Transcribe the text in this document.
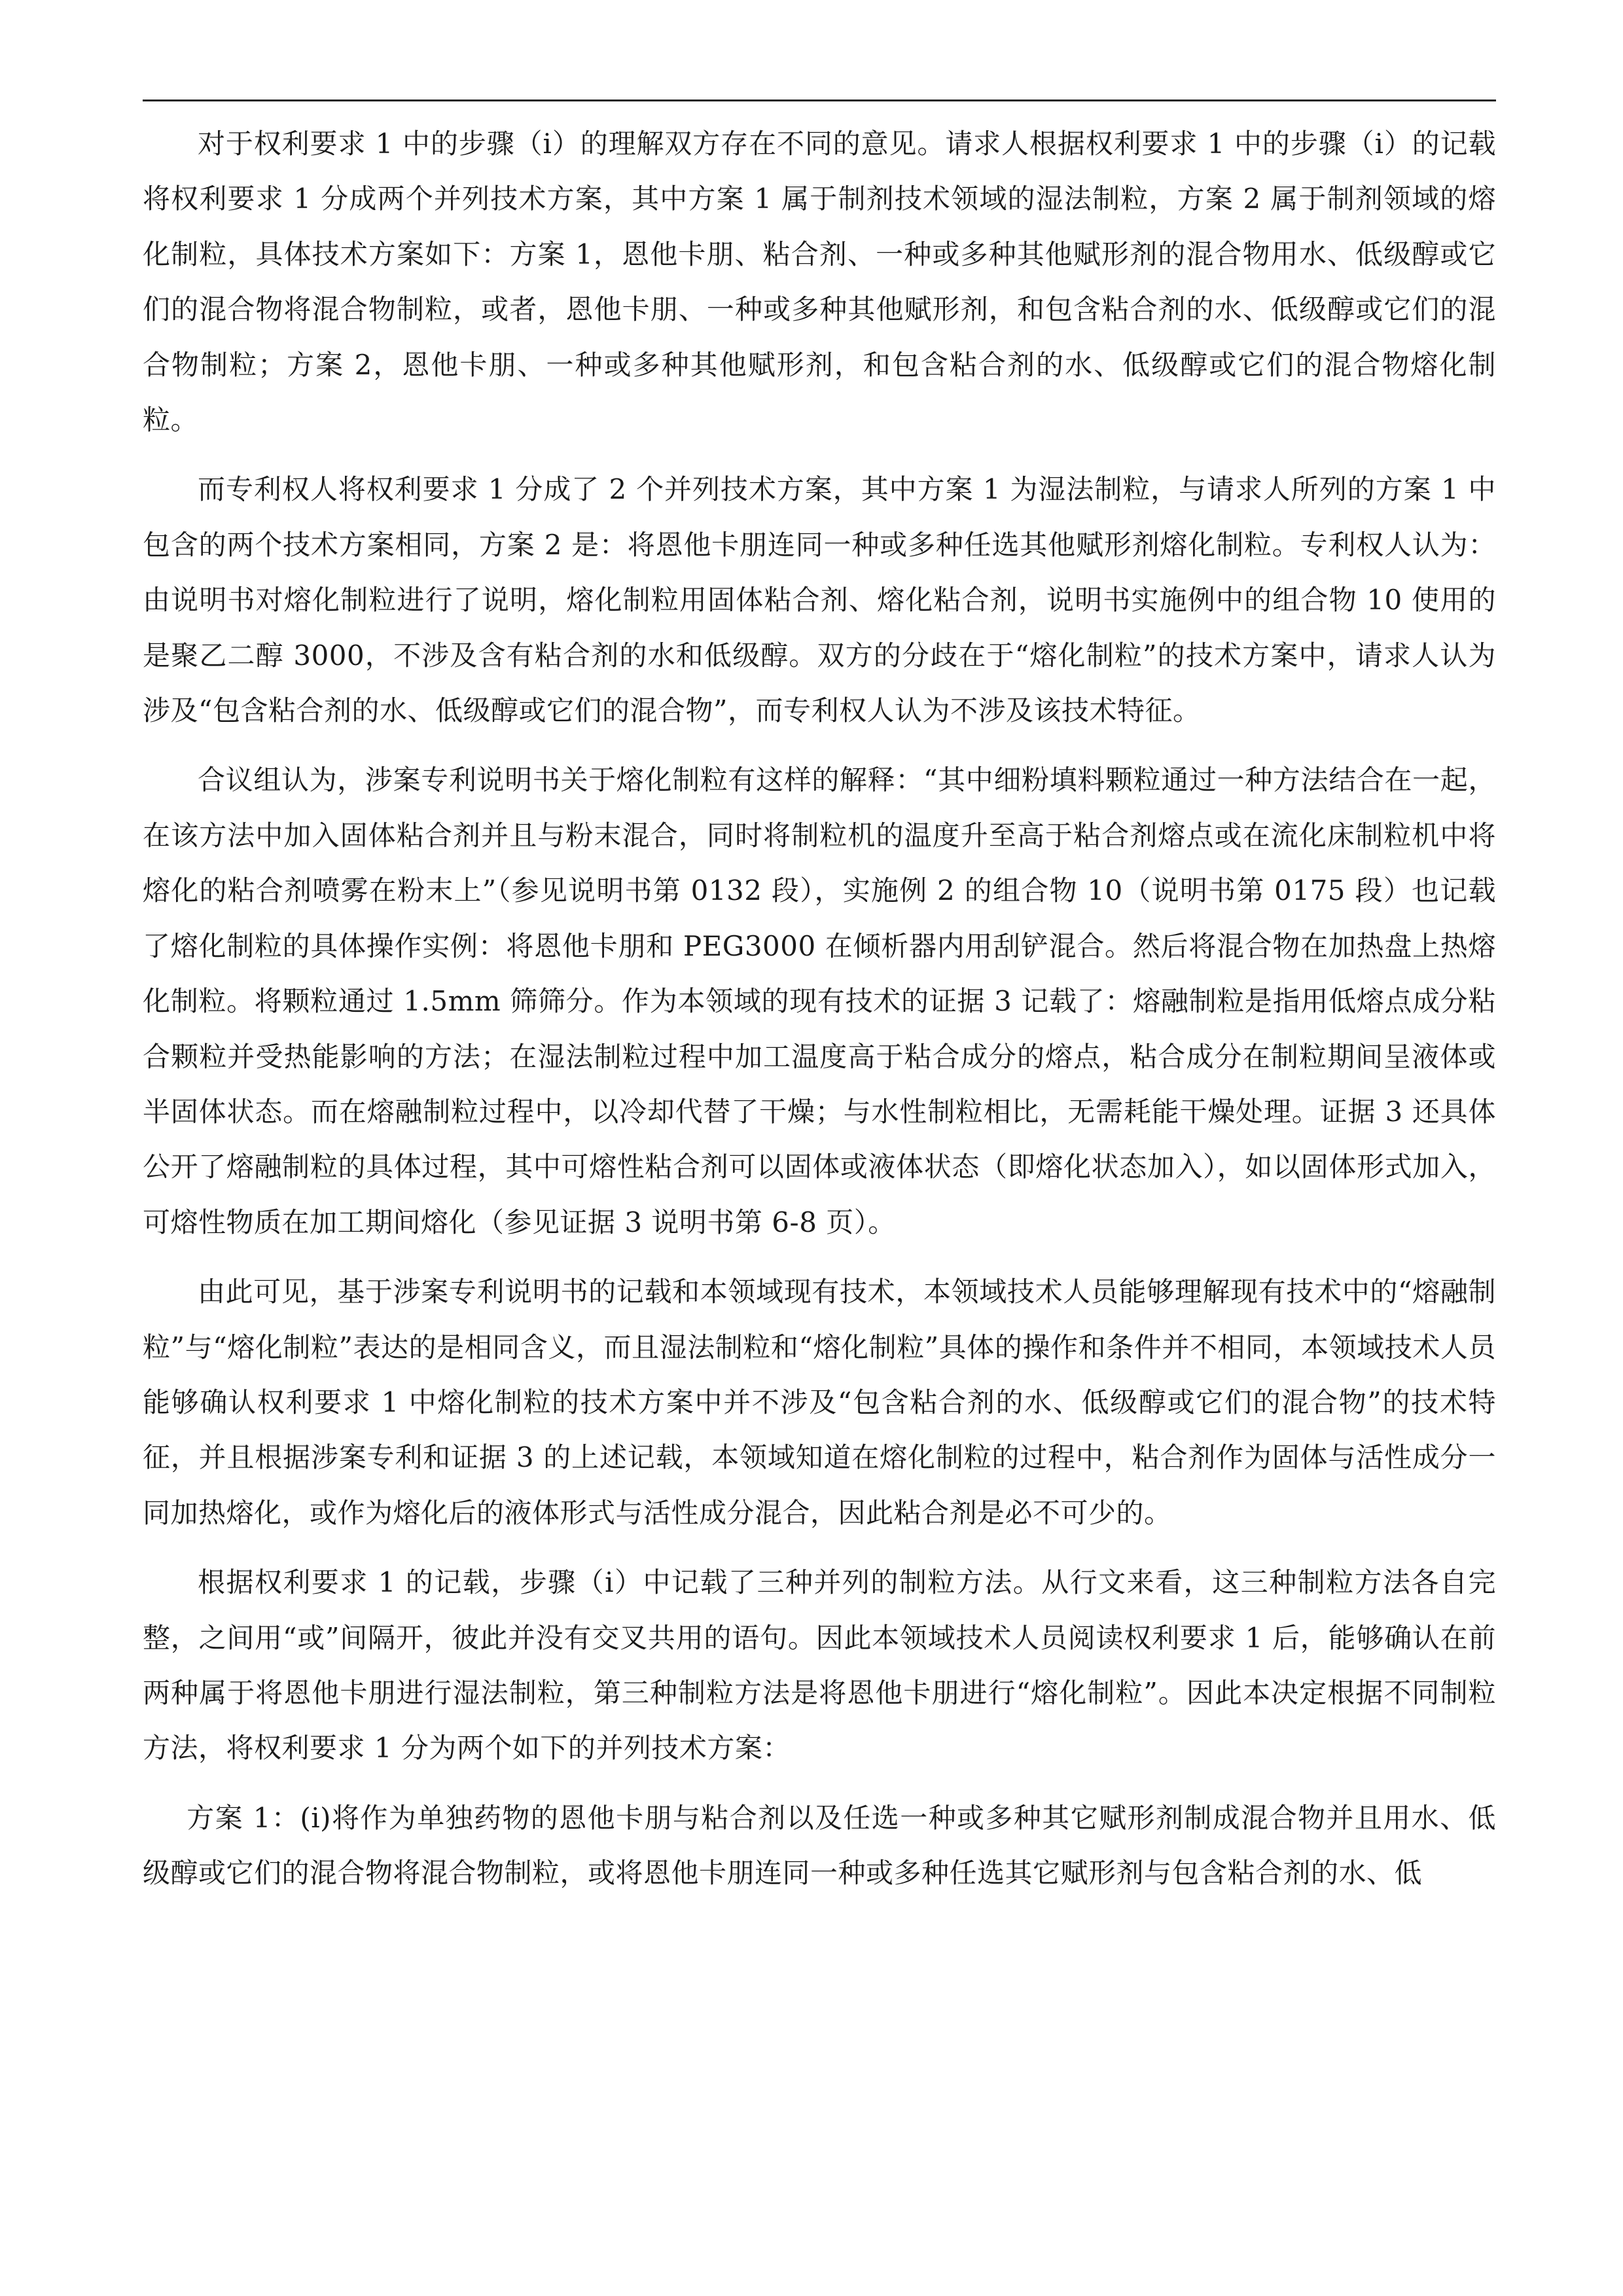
对于权利要求 1 中的步骤（i）的理解双方存在不同的意见。请求人根据权利要求 1 中的步骤（i）的记载将权利要求 1 分成两个并列技术方案，其中方案 1 属于制剂技术领域的湿法制粒，方案 2 属于制剂领域的熔化制粒，具体技术方案如下：方案 1，恩他卡朋、粘合剂、一种或多种其他赋形剂的混合物用水、低级醇或它们的混合物将混合物制粒，或者，恩他卡朋、一种或多种其他赋形剂，和包含粘合剂的水、低级醇或它们的混合物制粒；方案 2，恩他卡朋、一种或多种其他赋形剂，和包含粘合剂的水、低级醇或它们的混合物熔化制粒。

而专利权人将权利要求 1 分成了 2 个并列技术方案，其中方案 1 为湿法制粒，与请求人所列的方案 1 中包含的两个技术方案相同，方案 2 是：将恩他卡朋连同一种或多种任选其他赋形剂熔化制粒。专利权人认为：由说明书对熔化制粒进行了说明，熔化制粒用固体粘合剂、熔化粘合剂，说明书实施例中的组合物 10 使用的是聚乙二醇 3000，不涉及含有粘合剂的水和低级醇。双方的分歧在于“熔化制粒”的技术方案中，请求人认为涉及“包含粘合剂的水、低级醇或它们的混合物”，而专利权人认为不涉及该技术特征。

合议组认为，涉案专利说明书关于熔化制粒有这样的解释：“其中细粉填料颗粒通过一种方法结合在一起，在该方法中加入固体粘合剂并且与粉末混合，同时将制粒机的温度升至高于粘合剂熔点或在流化床制粒机中将熔化的粘合剂喷雾在粉末上”（参见说明书第 0132 段），实施例 2 的组合物 10（说明书第 0175 段）也记载了熔化制粒的具体操作实例：将恩他卡朋和 PEG3000 在倾析器内用刮铲混合。然后将混合物在加热盘上热熔化制粒。将颗粒通过 1.5mm 筛筛分。作为本领域的现有技术的证据 3 记载了：熔融制粒是指用低熔点成分粘合颗粒并受热能影响的方法；在湿法制粒过程中加工温度高于粘合成分的熔点，粘合成分在制粒期间呈液体或半固体状态。而在熔融制粒过程中，以冷却代替了干燥；与水性制粒相比，无需耗能干燥处理。证据 3 还具体公开了熔融制粒的具体过程，其中可熔性粘合剂可以固体或液体状态（即熔化状态加入），如以固体形式加入，可熔性物质在加工期间熔化（参见证据 3 说明书第 6-8 页）。

由此可见，基于涉案专利说明书的记载和本领域现有技术，本领域技术人员能够理解现有技术中的“熔融制粒”与“熔化制粒”表达的是相同含义，而且湿法制粒和“熔化制粒”具体的操作和条件并不相同，本领域技术人员能够确认权利要求 1 中熔化制粒的技术方案中并不涉及“包含粘合剂的水、低级醇或它们的混合物”的技术特征，并且根据涉案专利和证据 3 的上述记载，本领域知道在熔化制粒的过程中，粘合剂作为固体与活性成分一同加热熔化，或作为熔化后的液体形式与活性成分混合，因此粘合剂是必不可少的。

根据权利要求 1 的记载，步骤（i）中记载了三种并列的制粒方法。从行文来看，这三种制粒方法各自完整，之间用“或”间隔开，彼此并没有交叉共用的语句。因此本领域技术人员阅读权利要求 1 后，能够确认在前两种属于将恩他卡朋进行湿法制粒，第三种制粒方法是将恩他卡朋进行“熔化制粒”。因此本决定根据不同制粒方法，将权利要求 1 分为两个如下的并列技术方案：

方案 1：(i)将作为单独药物的恩他卡朋与粘合剂以及任选一种或多种其它赋形剂制成混合物并且用水、低级醇或它们的混合物将混合物制粒，或将恩他卡朋连同一种或多种任选其它赋形剂与包含粘合剂的水、低
